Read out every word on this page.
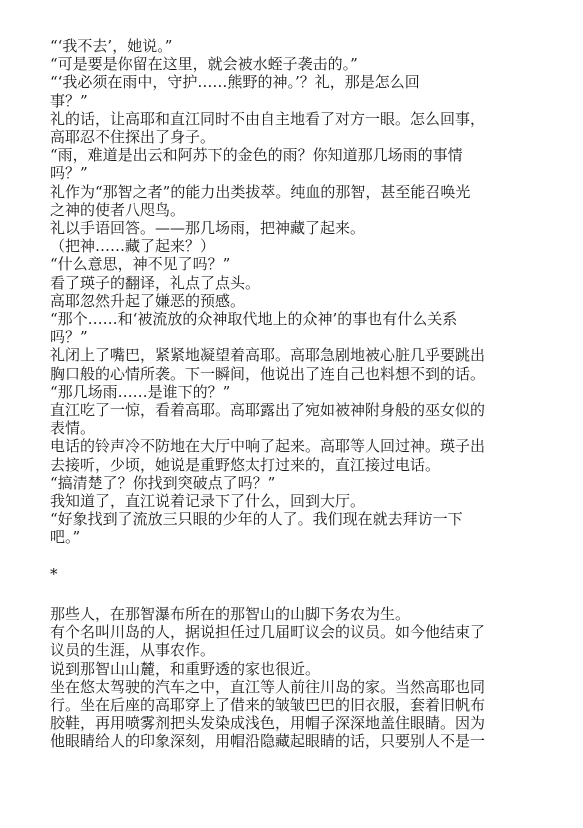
“‘我不去’，她说。”

“可是要是你留在这里，就会被水蛭子袭击的。”

“‘我必须在雨中，守护……熊野的神。’？礼，那是怎么回

事？”

礼的话，让高耶和直江同时不由自主地看了对方一眼。怎么回事，

高耶忍不住探出了身子。

“雨，难道是出云和阿苏下的金色的雨？你知道那几场雨的事情

吗？”

礼作为“那智之者”的能力出类拔萃。纯血的那智，甚至能召唤光

之神的使者八咫鸟。

礼以手语回答。——那几场雨，把神藏了起来。

（把神……藏了起来？）

“什么意思，神不见了吗？”

看了瑛子的翻译，礼点了点头。

高耶忽然升起了嫌恶的预感。

“那个……和‘被流放的众神取代地上的众神’的事也有什么关系

吗？”

礼闭上了嘴巴，紧紧地凝望着高耶。高耶急剧地被心脏几乎要跳出

胸口般的心情所袭。下一瞬间，他说出了连自己也料想不到的话。

“那几场雨……是谁下的？”

直江吃了一惊，看着高耶。高耶露出了宛如被神附身般的巫女似的

表情。

电话的铃声冷不防地在大厅中响了起来。高耶等人回过神。瑛子出

去接听，少顷，她说是重野悠太打过来的，直江接过电话。

“搞清楚了？你找到突破点了吗？”

我知道了，直江说着记录下了什么，回到大厅。

“好象找到了流放三只眼的少年的人了。我们现在就去拜访一下

吧。”

*

那些人，在那智瀑布所在的那智山的山脚下务农为生。

有个名叫川岛的人，据说担任过几届町议会的议员。如今他结束了

议员的生涯，从事农作。

说到那智山山麓，和重野透的家也很近。

坐在悠太驾驶的汽车之中，直江等人前往川岛的家。当然高耶也同

行。坐在后座的高耶穿上了借来的皱皱巴巴的旧衣服，套着旧帆布

胶鞋，再用喷雾剂把头发染成浅色，用帽子深深地盖住眼睛。因为

他眼睛给人的印象深刻，用帽沿隐藏起眼睛的话，只要别人不是一
